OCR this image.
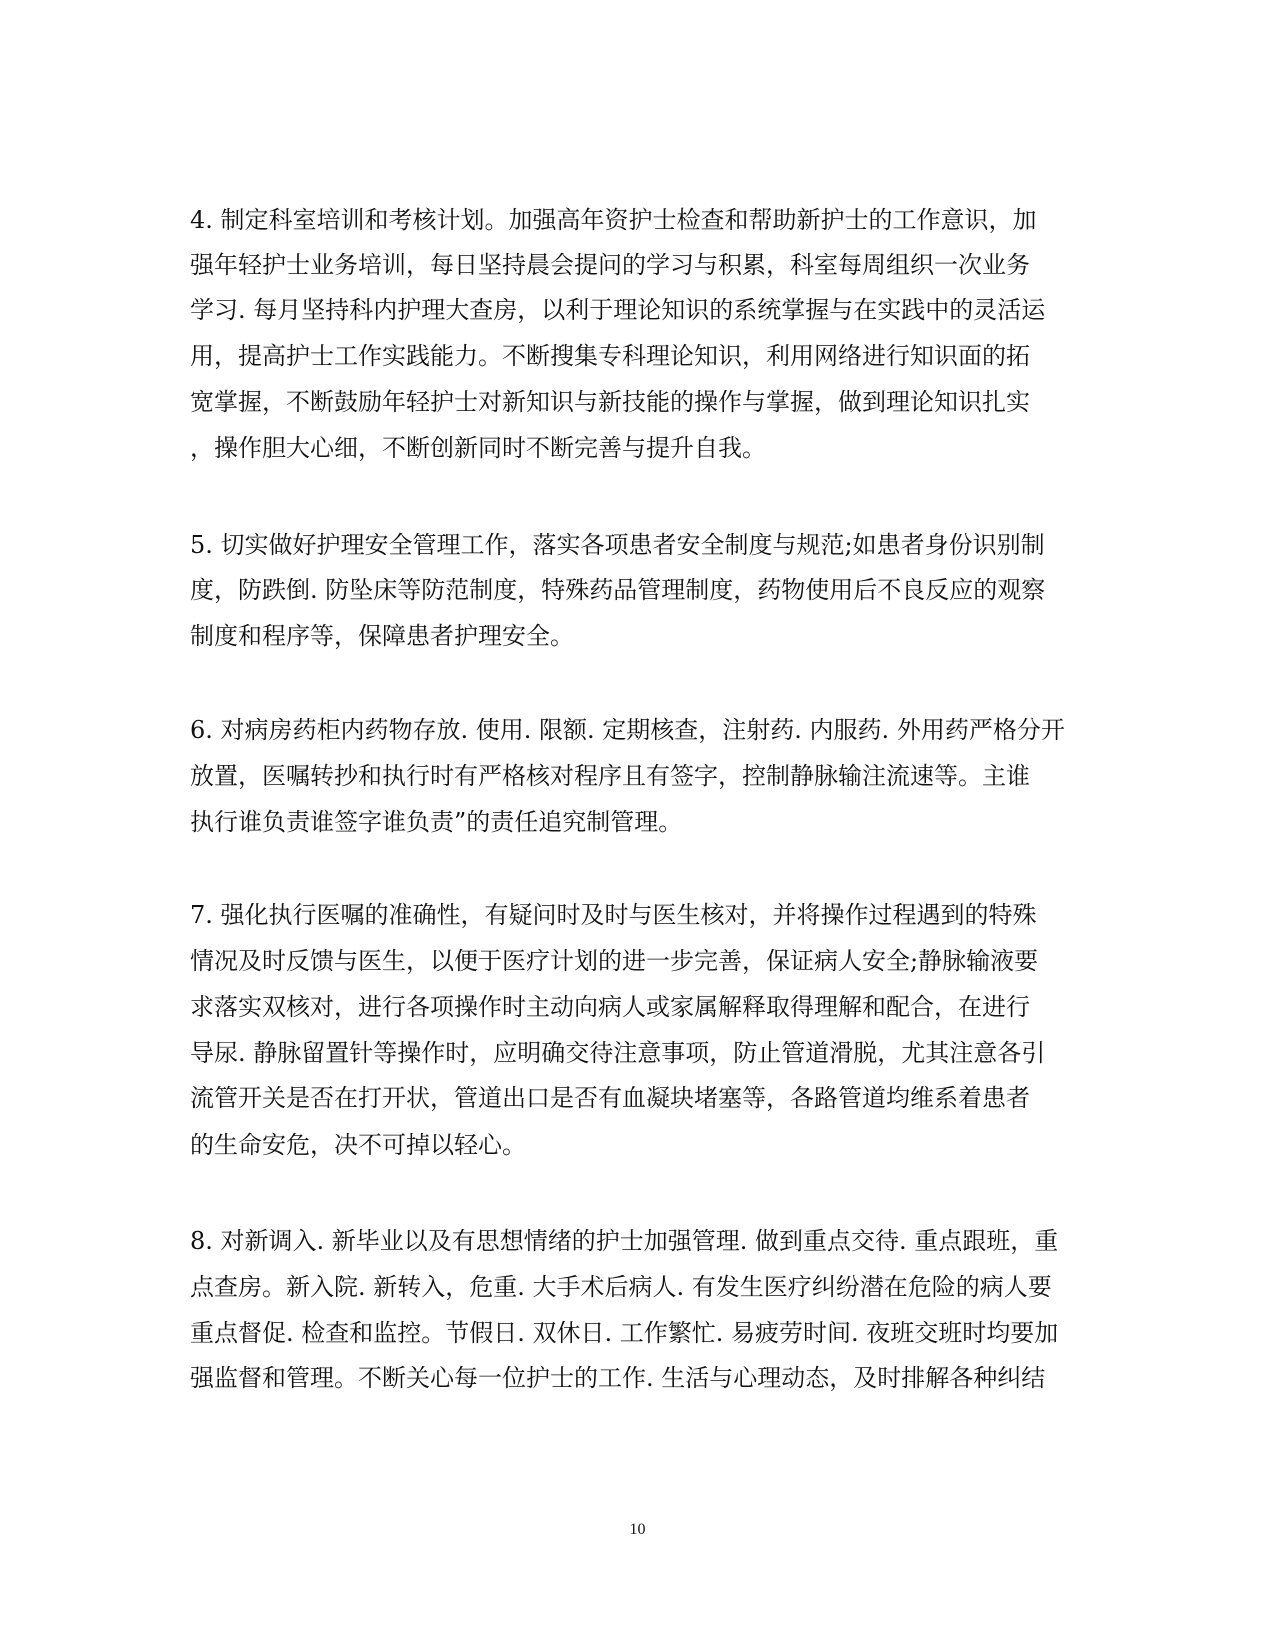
4. 制定科室培训和考核计划。加强高年资护士检查和帮助新护士的工作意识，加
强年轻护士业务培训，每日坚持晨会提问的学习与积累，科室每周组织一次业务
学习. 每月坚持科内护理大查房，以利于理论知识的系统掌握与在实践中的灵活运
用，提高护士工作实践能力。不断搜集专科理论知识，利用网络进行知识面的拓
宽掌握，不断鼓励年轻护士对新知识与新技能的操作与掌握，做到理论知识扎实
，操作胆大心细，不断创新同时不断完善与提升自我。
5. 切实做好护理安全管理工作，落实各项患者安全制度与规范;如患者身份识别制
度，防跌倒. 防坠床等防范制度，特殊药品管理制度，药物使用后不良反应的观察
制度和程序等，保障患者护理安全。
6. 对病房药柜内药物存放. 使用. 限额. 定期核查，注射药. 内服药. 外用药严格分开
放置，医嘱转抄和执行时有严格核对程序且有签字，控制静脉输注流速等。主谁
执行谁负责谁签字谁负责”的责任追究制管理。
7. 强化执行医嘱的准确性，有疑问时及时与医生核对，并将操作过程遇到的特殊
情况及时反馈与医生，以便于医疗计划的进一步完善，保证病人安全;静脉输液要
求落实双核对，进行各项操作时主动向病人或家属解释取得理解和配合，在进行
导尿. 静脉留置针等操作时，应明确交待注意事项，防止管道滑脱，尤其注意各引
流管开关是否在打开状，管道出口是否有血凝块堵塞等，各路管道均维系着患者
的生命安危，决不可掉以轻心。
8. 对新调入. 新毕业以及有思想情绪的护士加强管理. 做到重点交待. 重点跟班，重
点查房。新入院. 新转入，危重. 大手术后病人. 有发生医疗纠纷潜在危险的病人要
重点督促. 检查和监控。节假日. 双休日. 工作繁忙. 易疲劳时间. 夜班交班时均要加
强监督和管理。不断关心每一位护士的工作. 生活与心理动态，及时排解各种纠结
10
